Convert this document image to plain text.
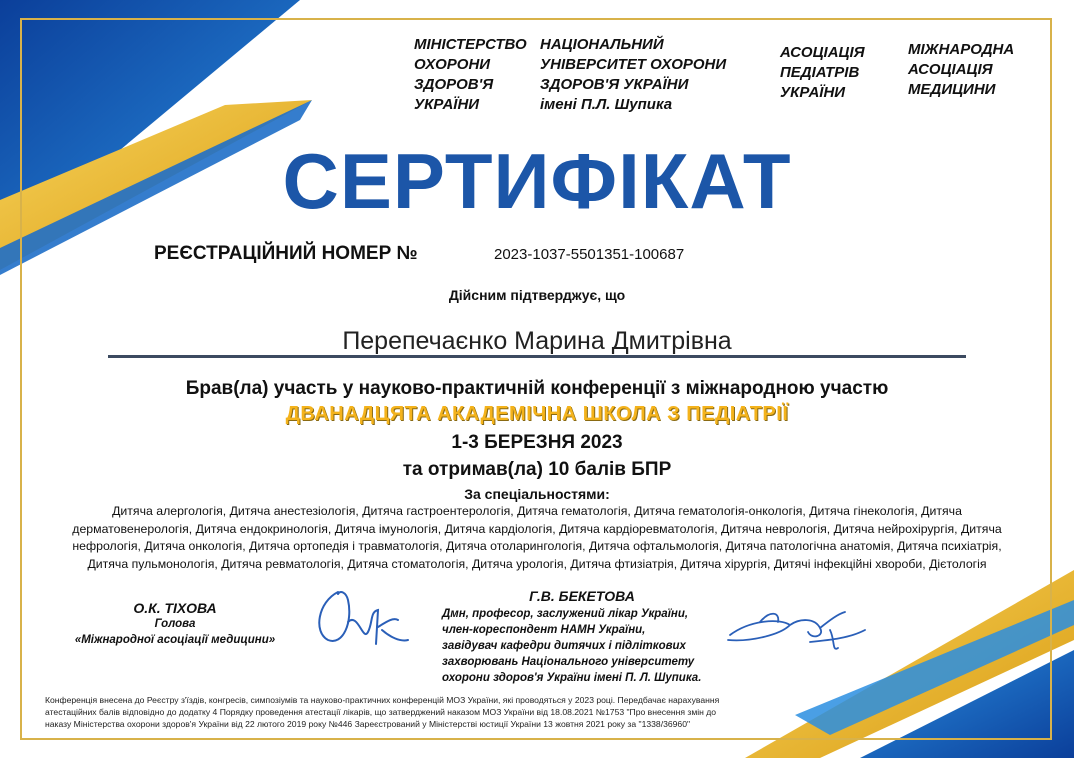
МІНІСТЕРСТВО
ОХОРОНИ
ЗДОРОВ'Я
УКРАЇНИ
НАЦІОНАЛЬНИЙ
УНІВЕРСИТЕТ ОХОРОНИ
ЗДОРОВ'Я УКРАЇНИ
імені П.Л. Шупика
АСОЦІАЦІЯ
ПЕДІАТРІВ
УКРАЇНИ
МІЖНАРОДНА
АСОЦІАЦІЯ
МЕДИЦИНИ
СЕРТИФІКАТ
РЕЄСТРАЦІЙНИЙ НОМЕР №	2023-1037-5501351-100687
Дійсним підтверджує, що
Перепечаєнко Марина Дмитрівна
Брав(ла) участь у науково-практичній конференції з міжнародною участю
ДВАНАДЦЯТА АКАДЕМІЧНА ШКОЛА З ПЕДІАТРІЇ
1-3 БЕРЕЗНЯ 2023
та отримав(ла) 10 балів БПР
За спеціальностями:
Дитяча алергологія, Дитяча анестезіологія, Дитяча гастроентерологія, Дитяча гематологія, Дитяча гематологія-онкологія, Дитяча гінекологія, Дитяча
дерматовенерологія, Дитяча ендокринологія, Дитяча імунологія, Дитяча кардіологія, Дитяча кардіоревматологія, Дитяча неврологія, Дитяча нейрохірургія, Дитяча
нефрологія, Дитяча онкологія, Дитяча ортопедія і травматологія, Дитяча отоларингологія, Дитяча офтальмологія, Дитяча патологічна анатомія, Дитяча психіатрія,
Дитяча пульмонологія, Дитяча ревматологія, Дитяча стоматологія, Дитяча урологія, Дитяча фтизіатрія, Дитяча хірургія, Дитячі інфекційні хвороби, Дієтологія
О.К. ТІХОВА
Голова
«Міжнародної асоціації медицини»
Г.В. БЕКЕТОВА
Дмн, професор, заслужений лікар України,
член-кореспондент НАМН України,
завідувач кафедри дитячих і підліткових
захворювань Національного університету
охорони здоров'я України імені П. Л. Шупика.
Конференція внесена до Реєстру з'їздів, конгресів, симпозіумів та науково-практичних конференцій МОЗ України, які проводяться у 2023 році. Передбачає нарахування
атестаційних балів відповідно до додатку 4 Порядку проведення атестації лікарів, що затверджений наказом МОЗ України від 18.08.2021 №1753 "Про внесення змін до
наказу Міністерства охорони здоров'я України від 22 лютого 2019 року №446 Зареєстрований у Міністерстві юстиції України 13 жовтня 2021 року за "1338/36960"
